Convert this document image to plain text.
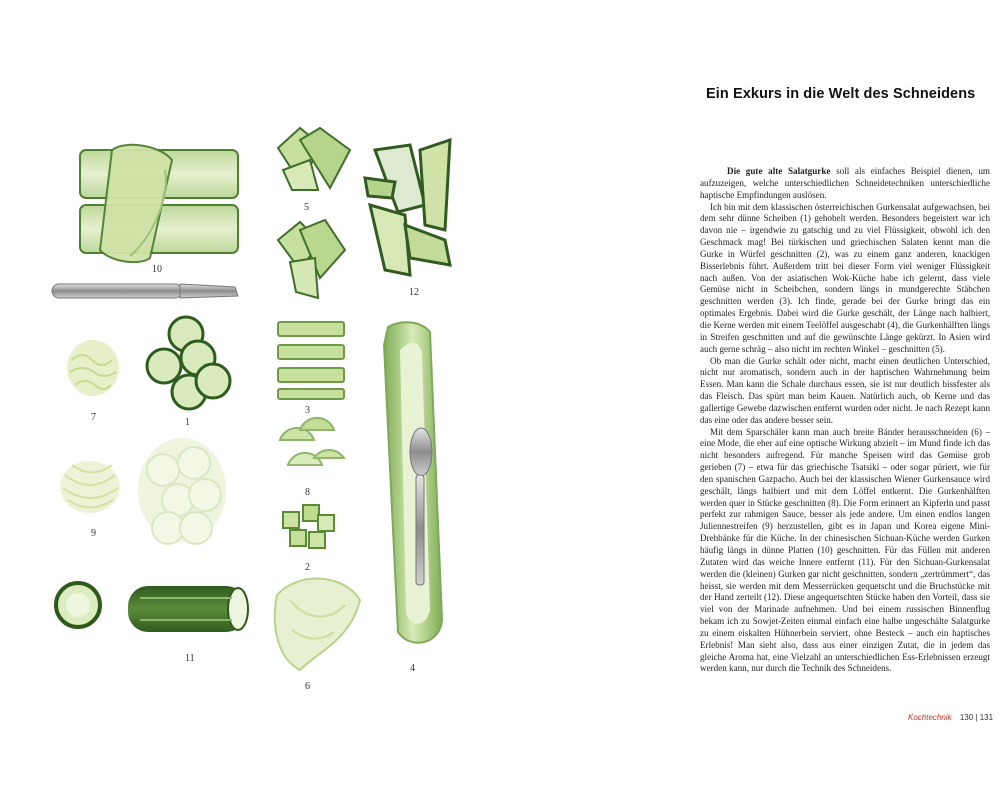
10
5
12
7	1
3
8
9
2
11
6
4
Ein Exkurs in die Welt des Schneidens

Die gute alte Salatgurke soll als einfaches Beispiel dienen, um aufzuzeigen, welche unterschiedlichen Schneidetechniken unterschiedliche haptische Empfindungen auslösen.

Ich bin mit dem klassischen österreichischen Gurkensalat aufgewachsen, bei dem sehr dünne Scheiben (1) gehobelt werden. Besonders begeistert war ich davon nie – irgendwie zu gatschig und zu viel Flüssigkeit, obwohl ich den Geschmack mag! Bei türkischen und griechischen Salaten kennt man die Gurke in Würfel geschnitten (2), was zu einem ganz anderen, knackigen Bisserlebnis führt. Außerdem tritt bei dieser Form viel weniger Flüssigkeit nach außen. Von der asiatischen Wok-Küche habe ich gelernt, dass viele Gemüse nicht in Scheibchen, sondern längs in mundgerechte Stäbchen geschnitten werden (3). Ich finde, gerade bei der Gurke bringt das ein optimales Ergebnis. Dabei wird die Gurke geschält, der Länge nach halbiert, die Kerne werden mit einem Teelöffel ausgeschabt (4), die Gurkenhälften längs in Streifen geschnitten und auf die gewünschte Länge gekürzt. In Asien wird auch gerne schräg – also nicht im rechten Winkel – geschnitten (5).

Ob man die Gurke schält oder nicht, macht einen deutlichen Unterschied, nicht nur aromatisch, sondern auch in der haptischen Wahrnehmung beim Essen. Man kann die Schale durchaus essen, sie ist nur deutlich bissfester als das Fleisch. Das spürt man beim Kauen. Natürlich auch, ob Kerne und das gallertige Gewebe dazwischen entfernt wurden oder nicht. Je nach Rezept kann das eine oder das andere besser sein.

Mit dem Sparschäler kann man auch breite Bänder herausschneiden (6) – eine Mode, die eher auf eine optische Wirkung abzielt – im Mund finde ich das nicht besonders aufregend. Für manche Speisen wird das Gemüse grob gerieben (7) – etwa für das griechische Tsatsiki – oder sogar püriert, wie für den spanischen Gazpacho. Auch bei der klassischen Wiener Gurkensauce wird geschält, längs halbiert und mit dem Löffel entkernt. Die Gurkenhälften werden quer in Stücke geschnitten (8). Die Form erinnert an Kipferln und passt perfekt zur rahmigen Sauce, besser als jede andere. Um einen endlos langen Juliennestreifen (9) herzustellen, gibt es in Japan und Korea eigene Mini-Drehbänke für die Küche. In der chinesischen Sichuan-Küche werden Gurken häufig längs in dünne Platten (10) geschnitten. Für das Füllen mit anderen Zutaten wird das weiche Innere entfernt (11). Für den Sichuan-Gurkensalat werden die (kleinen) Gurken gar nicht geschnitten, sondern „zertrümmert“, das heisst, sie werden mit dem Messerrücken gequetscht und die Bruchstücke mit der Hand zerteilt (12). Diese angequetschten Stücke haben den Vorteil, dass sie viel von der Marinade aufnehmen. Und bei einem russischen Binnenflug bekam ich zu Sowjet-Zeiten einmal einfach eine halbe ungeschälte Salatgurke zu einem eiskalten Hühnerbein serviert, ohne Besteck – auch ein haptisches Erlebnis! Man sieht also, dass aus einer einzigen Zutat, die in jedem das gleiche Aroma hat, eine Vielzahl an unterschiedlichen Ess-Erlebnissen erzeugt werden kann, nur durch die Technik des Schneidens.

Kochtechnik 130 | 131
